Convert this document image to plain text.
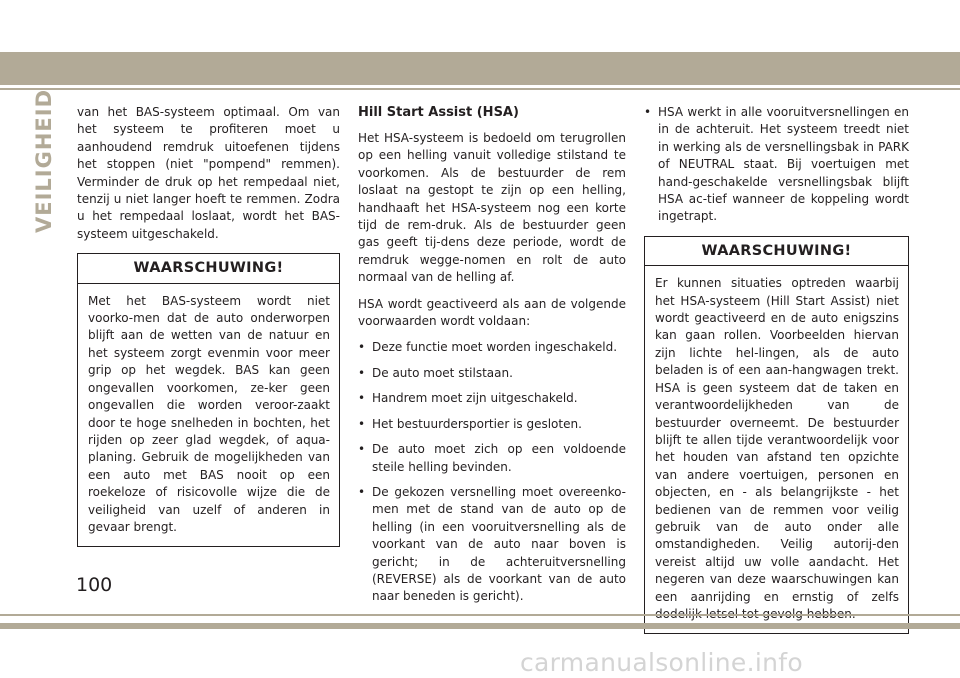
VEILIGHEID van het BAS-systeem optimaal. Om van het systeem te profiteren moet u aanhoudend remdruk uitoefenen tijdens het stoppen (niet "pompend" remmen). Verminder de druk op het rempedaal niet, tenzij u niet langer hoeft te remmen. Zodra u het rempedaal loslaat, wordt het BAS-systeem uitgeschakeld.

WAARSCHUWING!
Met het BAS-systeem wordt niet voorko-men dat de auto onderworpen blijft aan de wetten van de natuur en het systeem zorgt evenmin voor meer grip op het wegdek. BAS kan geen ongevallen voorkomen, ze-ker geen ongevallen die worden veroor-zaakt door te hoge snelheden in bochten, het rijden op zeer glad wegdek, of aqua-planing. Gebruik de mogelijkheden van een auto met BAS nooit op een roekeloze of risicovolle wijze die de veiligheid van uzelf of anderen in gevaar brengt.
Hill Start Assist (HSA)

Het HSA-systeem is bedoeld om terugrollen op een helling vanuit volledige stilstand te voorkomen. Als de bestuurder de rem loslaat na gestopt te zijn op een helling, handhaaft het HSA-systeem nog een korte tijd de rem-druk. Als de bestuurder geen gas geeft tij-dens deze periode, wordt de remdruk wegge-nomen en rolt de auto normaal van de helling af.

HSA wordt geactiveerd als aan de volgende voorwaarden wordt voldaan:

• Deze functie moet worden ingeschakeld.
• De auto moet stilstaan.
• Handrem moet zijn uitgeschakeld.
• Het bestuurdersportier is gesloten.
• De auto moet zich op een voldoende steile helling bevinden.
• De gekozen versnelling moet overeenko-men met de stand van de auto op de helling (in een vooruitversnelling als de voorkant van de auto naar boven is gericht; in de achteruitversnelling (REVERSE) als de voorkant van de auto naar beneden is gericht).
• HSA werkt in alle vooruitversnellingen en in de achteruit. Het systeem treedt niet in werking als de versnellingsbak in PARK of NEUTRAL staat. Bij voertuigen met hand-geschakelde versnellingsbak blijft HSA ac-tief wanneer de koppeling wordt ingetrapt.
WAARSCHUWING!
Er kunnen situaties optreden waarbij het HSA-systeem (Hill Start Assist) niet wordt geactiveerd en de auto enigszins kan gaan rollen. Voorbeelden hiervan zijn lichte hel-lingen, als de auto beladen is of een aan-hangwagen trekt. HSA is geen systeem dat de taken en verantwoordelijkheden van de bestuurder overneemt. De bestuurder blijft te allen tijde verantwoordelijk voor het houden van afstand ten opzichte van andere voertuigen, personen en objecten, en - als belangrijkste - het bedienen van de remmen voor veilig gebruik van de auto onder alle omstandigheden. Veilig autorij-den vereist altijd uw volle aandacht. Het negeren van deze waarschuwingen kan een aanrijding en ernstig of zelfs
100
carmanualsonline.info
